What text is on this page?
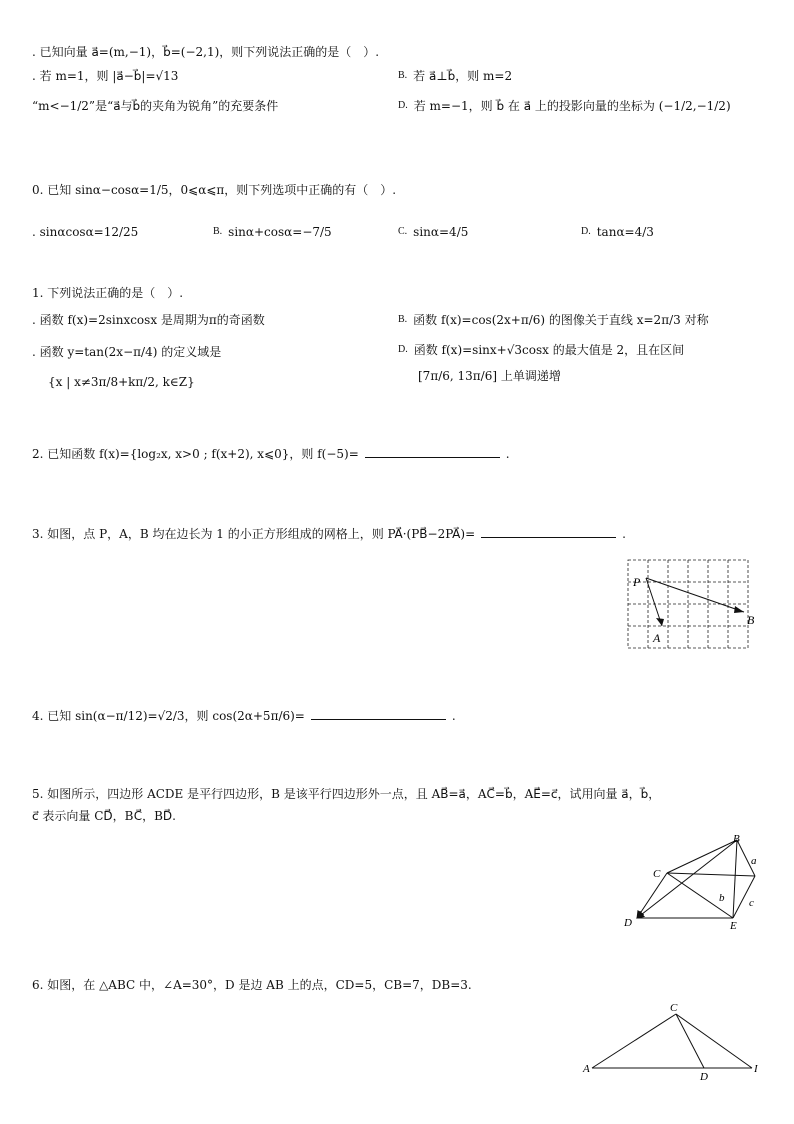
. 已知向量 a⃗=(m,−1)，b⃗=(−2,1)，则下列说法正确的是（　）.
. 若 m=1，则 |a⃗−b⃗|=√13	B. 若 a⃗⊥b⃗，则 m=2
“m<−1/2”是“a⃗与b⃗的夹角为锐角”的充要条件	D. 若 m=−1，则 b⃗ 在 a⃗ 上的投影向量的坐标为 (−1/2,−1/2)
0. 已知 sinα−cosα=1/5，0⩽α⩽π，则下列选项中正确的有（　）.
. sinαcosα=12/25	B. sinα+cosα=−7/5	C. sinα=4/5	D. tanα=4/3
1. 下列说法正确的是（　）.
. 函数 f(x)=2sinxcosx 是周期为π的奇函数	B. 函数 f(x)=cos(2x+π/6) 的图像关于直线 x=2π/3 对称
. 函数 y=tan(2x−π/4) 的定义域是
{x | x≠3π/8+kπ/2, k∈Z}
D. 函数 f(x)=sinx+√3cosx 的最大值是 2，且在区间
[7π/6, 13π/6] 上单调递增
2. 已知函数 f(x)={log₂x, x>0 ; f(x+2), x⩽0}，则 f(−5)=	.
3. 如图，点 P，A，B 均在边长为 1 的小正方形组成的网格上，则 PA⃗·(PB⃗−2PA⃗)=	.
P
A
B
4. 已知 sin(α−π/12)=√2/3，则 cos(2α+5π/6)=	.
5. 如图所示，四边形 ACDE 是平行四边形，B 是该平行四边形外一点，且 AB⃗=a⃗，AC⃗=b⃗，AE⃗=c⃗，试用向量 a⃗，b⃗，
c⃗ 表示向量 CD⃗，BC⃗，BD⃗.
B
C
D	E
a
b c
6. 如图，在 △ABC 中，∠A=30°，D 是边 AB 上的点，CD=5，CB=7，DB=3.
A
C
D
I
